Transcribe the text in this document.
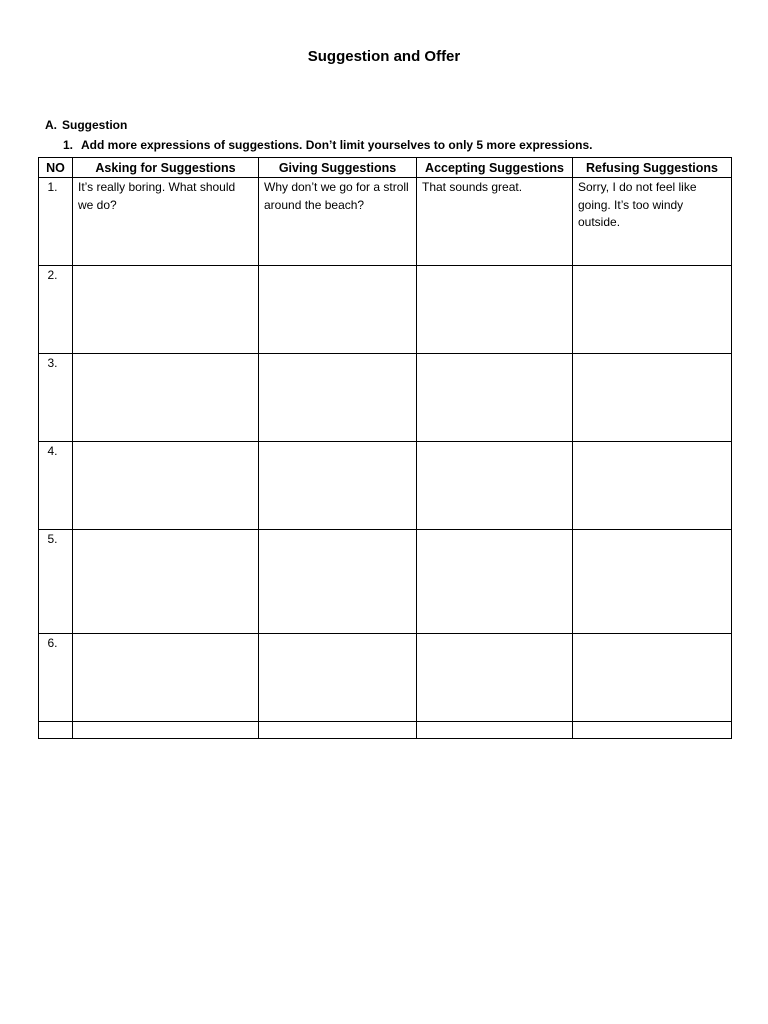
Suggestion and Offer
A. Suggestion
1. Add more expressions of suggestions. Don’t limit yourselves to only 5 more expressions.
NO	Asking for Suggestions	Giving Suggestions	Accepting Suggestions	Refusing Suggestions
1.	It’s really boring. What should we do?	Why don’t we go for a stroll around the beach?	That sounds great.	Sorry, I do not feel like going. It’s too windy outside.
2.				
3.				
4.				
5.				
6.				
